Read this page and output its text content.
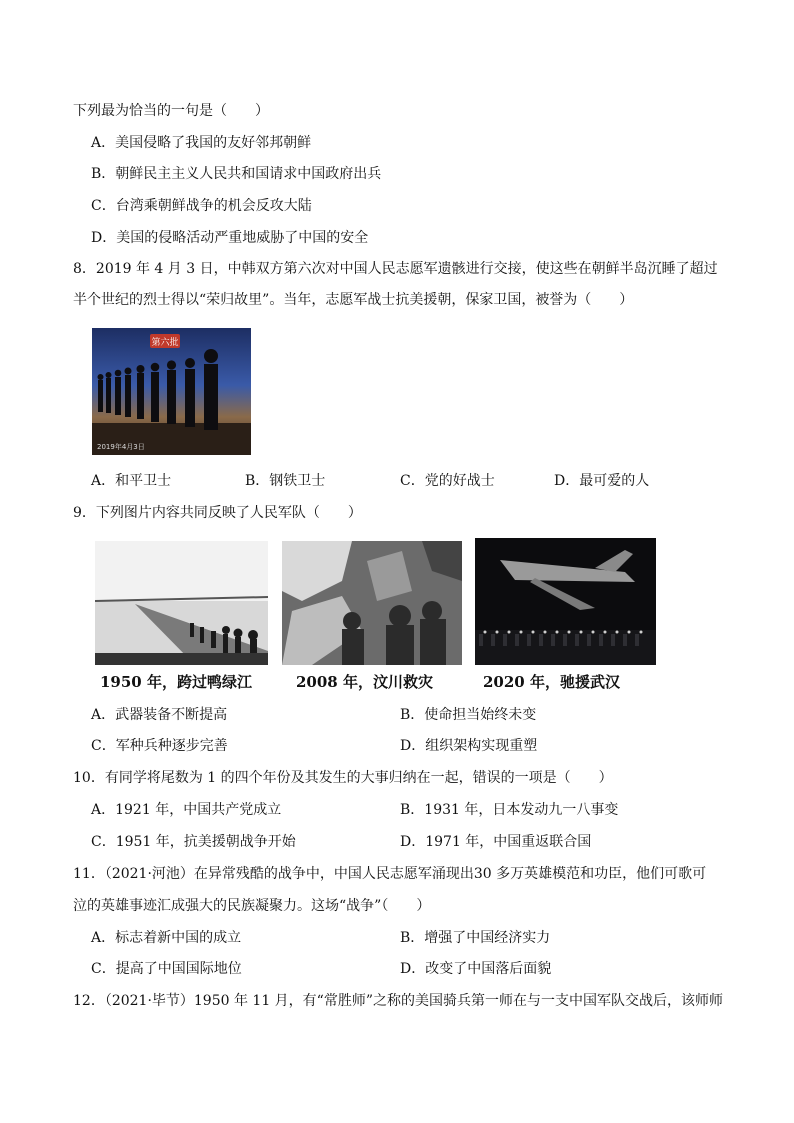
下列最为恰当的一句是（　　）
A．美国侵略了我国的友好邻邦朝鲜
B．朝鲜民主主义人民共和国请求中国政府出兵
C．台湾乘朝鲜战争的机会反攻大陆
D．美国的侵略活动严重地威胁了中国的安全
8．2019 年 4 月 3 日，中韩双方第六次对中国人民志愿军遗骸进行交接，使这些在朝鲜半岛沉睡了超过
半个世纪的烈士得以“荣归故里”。当年，志愿军战士抗美援朝，保家卫国，被誉为（　　）
第六批
2019年4月3日
A．和平卫士	B．钢铁卫士	C．党的好战士	D．最可爱的人
9．下列图片内容共同反映了人民军队（　　）
1950 年，跨过鸭绿江	2008 年，汶川救灾	2020 年，驰援武汉
A．武器装备不断提高	B．使命担当始终未变
C．军种兵种逐步完善	D．组织架构实现重塑
10．有同学将尾数为 1 的四个年份及其发生的大事归纳在一起，错误的一项是（　　）
A．1921 年，中国共产党成立	B．1931 年，日本发动九一八事变
C．1951 年，抗美援朝战争开始	D．1971 年，中国重返联合国
11．（2021·河池）在异常残酷的战争中，中国人民志愿军涌现出30 多万英雄模范和功臣，他们可歌可
泣的英雄事迹汇成强大的民族凝聚力。这场“战争”（　　）
A．标志着新中国的成立	B．增强了中国经济实力
C．提高了中国国际地位	D．改变了中国落后面貌
12．（2021·毕节）1950 年 11 月，有“常胜师”之称的美国骑兵第一师在与一支中国军队交战后，该师师
